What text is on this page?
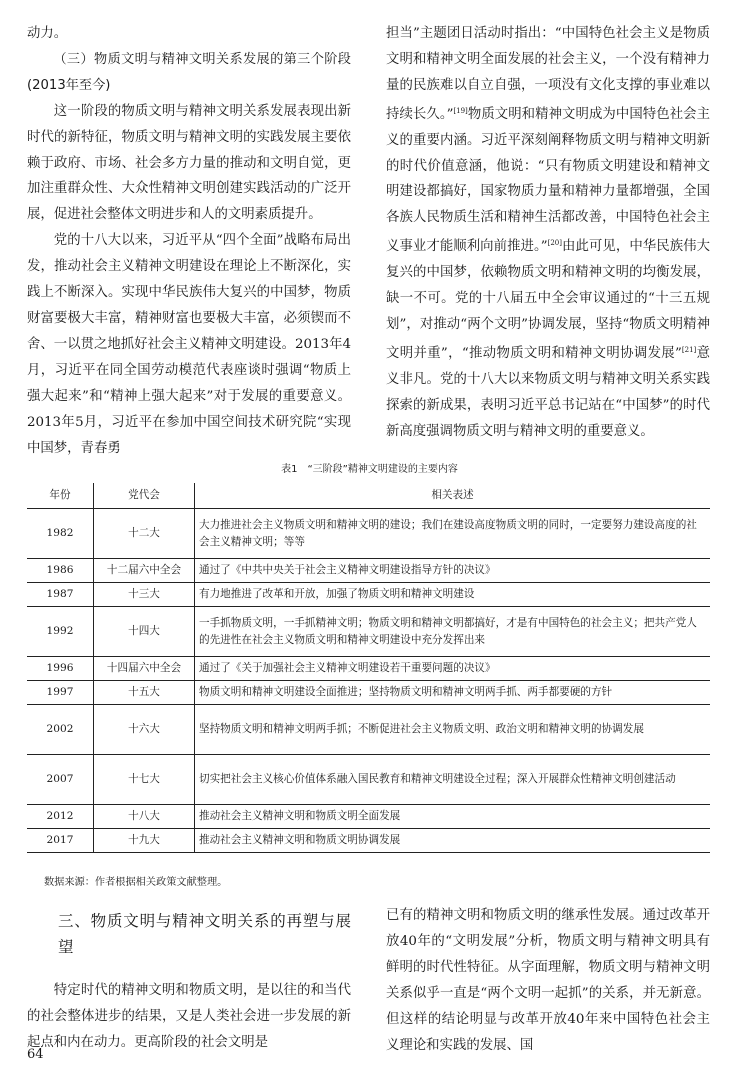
动力。

（三）物质文明与精神文明关系发展的第三个阶段(2013年至今)

这一阶段的物质文明与精神文明关系发展表现出新时代的新特征，物质文明与精神文明的实践发展主要依赖于政府、市场、社会多方力量的推动和文明自觉，更加注重群众性、大众性精神文明创建实践活动的广泛开展，促进社会整体文明进步和人的文明素质提升。

党的十八大以来，习近平从“四个全面”战略布局出发，推动社会主义精神文明建设在理论上不断深化，实践上不断深入。实现中华民族伟大复兴的中国梦，物质财富要极大丰富，精神财富也要极大丰富，必须锲而不舍、一以贯之地抓好社会主义精神文明建设。2013年4月，习近平在同全国劳动模范代表座谈时强调“物质上强大起来”和“精神上强大起来”对于发展的重要意义。2013年5月，习近平在参加中国空间技术研究院“实现中国梦，青春勇

担当”主题团日活动时指出：“中国特色社会主义是物质文明和精神文明全面发展的社会主义，一个没有精神力量的民族难以自立自强，一项没有文化支撑的事业难以持续长久。”[19]物质文明和精神文明成为中国特色社会主义的重要内涵。习近平深刻阐释物质文明与精神文明新的时代价值意涵，他说：“只有物质文明建设和精神文明建设都搞好，国家物质力量和精神力量都增强，全国各族人民物质生活和精神生活都改善，中国特色社会主义事业才能顺利向前推进。”[20]由此可见，中华民族伟大复兴的中国梦，依赖物质文明和精神文明的均衡发展，缺一不可。党的十八届五中全会审议通过的“十三五规划”，对推动“两个文明”协调发展，坚持“物质文明精神文明并重”，“推动物质文明和精神文明协调发展”[21]意义非凡。党的十八大以来物质文明与精神文明关系实践探索的新成果，表明习近平总书记站在“中国梦”的时代新高度强调物质文明与精神文明的重要意义。

表1　“三阶段”精神文明建设的主要内容
年份	党代会	相关表述
1982	十二大	大力推进社会主义物质文明和精神文明的建设；我们在建设高度物质文明的同时，一定要努力建设高度的社会主义精神文明；等等
1986	十二届六中全会	通过了《中共中央关于社会主义精神文明建设指导方针的决议》
1987	十三大	有力地推进了改革和开放，加强了物质文明和精神文明建设
1992	十四大	一手抓物质文明，一手抓精神文明；物质文明和精神文明都搞好，才是有中国特色的社会主义；把共产党人的先进性在社会主义物质文明和精神文明建设中充分发挥出来
1996	十四届六中全会	通过了《关于加强社会主义精神文明建设若干重要问题的决议》
1997	十五大	物质文明和精神文明建设全面推进；坚持物质文明和精神文明两手抓、两手都要硬的方针
2002	十六大	坚持物质文明和精神文明两手抓；不断促进社会主义物质文明、政治文明和精神文明的协调发展
2007	十七大	切实把社会主义核心价值体系融入国民教育和精神文明建设全过程；深入开展群众性精神文明创建活动
2012	十八大	推动社会主义精神文明和物质文明全面发展
2017	十九大	推动社会主义精神文明和物质文明协调发展
数据来源：作者根据相关政策文献整理。

三、物质文明与精神文明关系的再塑与展望

特定时代的精神文明和物质文明，是以往的和当代的社会整体进步的结果，又是人类社会进一步发展的新起点和内在动力。更高阶段的社会文明是

已有的精神文明和物质文明的继承性发展。通过改革开放40年的“文明发展”分析，物质文明与精神文明具有鲜明的时代性特征。从字面理解，物质文明与精神文明关系似乎一直是“两个文明一起抓”的关系，并无新意。但这样的结论明显与改革开放40年来中国特色社会主义理论和实践的发展、国

64
